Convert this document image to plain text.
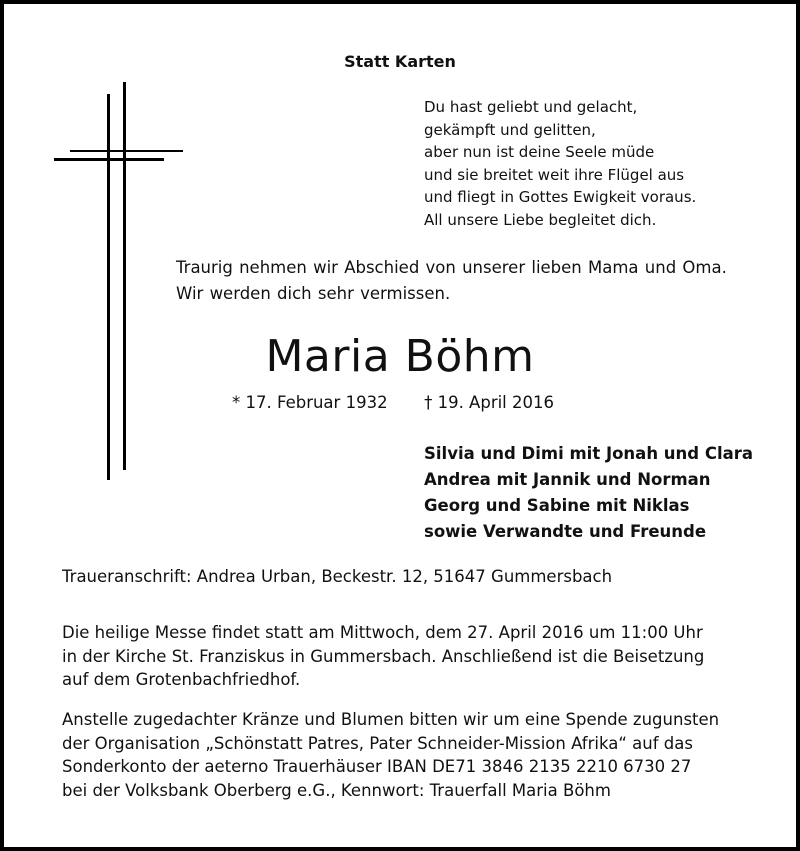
Statt Karten
Du hast geliebt und gelacht,
gekämpft und gelitten,
aber nun ist deine Seele müde
und sie breitet weit ihre Flügel aus
und fliegt in Gottes Ewigkeit voraus.
All unsere Liebe begleitet dich.
Traurig nehmen wir Abschied von unserer lieben Mama und Oma.
Wir werden dich sehr vermissen.
Maria Böhm
* 17. Februar 1932 † 19. April 2016
Silvia und Dimi mit Jonah und Clara
Andrea mit Jannik und Norman
Georg und Sabine mit Niklas
sowie Verwandte und Freunde
Traueranschrift: Andrea Urban, Beckestr. 12, 51647 Gummersbach
Die heilige Messe findet statt am Mittwoch, dem 27. April 2016 um 11:00 Uhr
in der Kirche St. Franziskus in Gummersbach. Anschließend ist die Beisetzung
auf dem Grotenbachfriedhof.
Anstelle zugedachter Kränze und Blumen bitten wir um eine Spende zugunsten
der Organisation „Schönstatt Patres, Pater Schneider-Mission Afrika“ auf das
Sonderkonto der aeterno Trauerhäuser IBAN DE71 3846 2135 2210 6730 27
bei der Volksbank Oberberg e.G., Kennwort: Trauerfall Maria Böhm
